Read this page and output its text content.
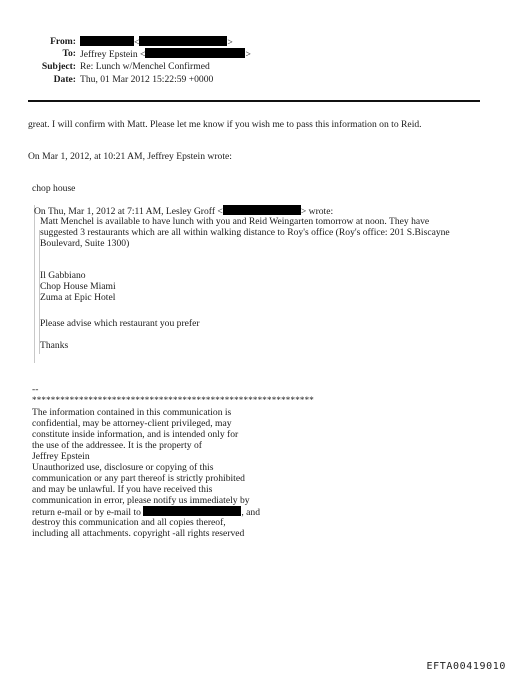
From:	<	>
To: Jeffrey Epstein <	>
Subject: Re: Lunch w/Menchel Confirmed
Date: Thu, 01 Mar 2012 15:22:59 +0000
great. I will confirm with Matt. Please let me know if you wish me to pass this information on to Reid.
On Mar 1, 2012, at 10:21 AM, Jeffrey Epstein wrote:
chop house
On Thu, Mar 1, 2012 at 7:11 AM, Lesley Groff <	> wrote:
Matt Menchel is available to have lunch with you and Reid Weingarten tomorrow at noon. They have
suggested 3 restaurants which are all within walking distance to Roy's office (Roy's office: 201 S.Biscayne
Boulevard, Suite 1300)
Il Gabbiano
Chop House Miami
Zuma at Epic Hotel
Please advise which restaurant you prefer
Thanks
--
************************************************************
The information contained in this communication is
confidential, may be attorney-client privileged, may
constitute inside information, and is intended only for
the use of the addressee. It is the property of
Jeffrey Epstein
Unauthorized use, disclosure or copying of this
communication or any part thereof is strictly prohibited
and may be unlawful. If you have received this
communication in error, please notify us immediately by
return e-mail or by e-mail to	, and
destroy this communication and all copies thereof,
including all attachments. copyright -all rights reserved
EFTA00419010
